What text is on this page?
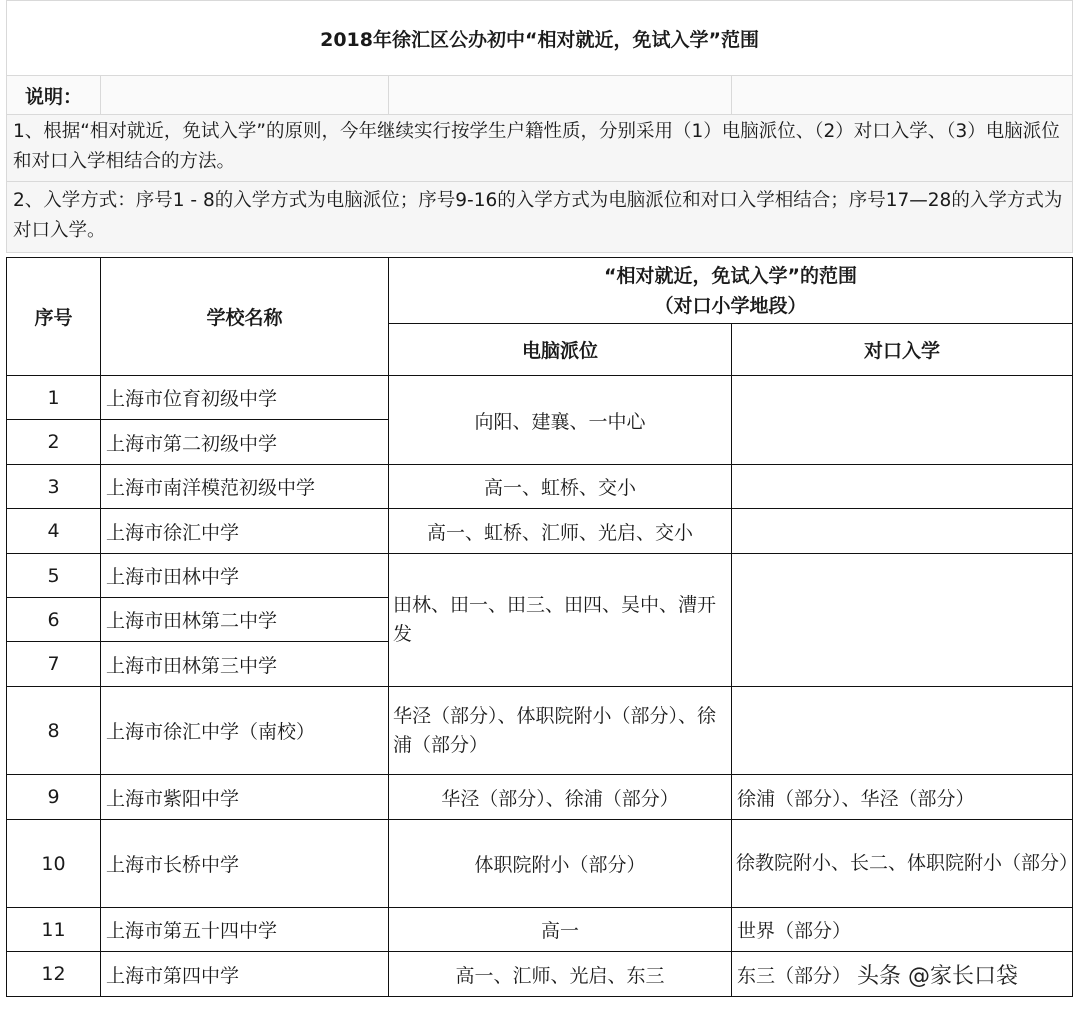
2018年徐汇区公办初中“相对就近，免试入学”范围
说明：			
1、根据“相对就近，免试入学”的原则，今年继续实行按学生户籍性质，分别采用（1）电脑派位、（2）对口入学、（3）电脑派位和对口入学相结合的方法。
2、入学方式：序号1 - 8的入学方式为电脑派位；序号9-16的入学方式为电脑派位和对口入学相结合；序号17—28的入学方式为对口入学。
序号	学校名称	“相对就近，免试入学”的范围
（对口小学地段）	

		电脑派位	对口入学
1	上海市位育初级中学	向阳、建襄、一中心	
2	上海市第二初级中学		
3	上海市南洋模范初级中学	高一、虹桥、交小	
4	上海市徐汇中学	高一、虹桥、汇师、光启、交小	
5	上海市田林中学	田林、田一、田三、田四、吴中、漕开发	
6	上海市田林第二中学		
7	上海市田林第三中学		
8	上海市徐汇中学（南校）	华泾（部分）、体职院附小（部分）、徐浦（部分）	
9	上海市紫阳中学	华泾（部分）、徐浦（部分）	徐浦（部分）、华泾（部分）
10	上海市长桥中学	体职院附小（部分）	徐教院附小、长二、体职院附小（部分）
11	上海市第五十四中学	高一	世界（部分）
12	上海市第四中学	高一、汇师、光启、东三	东三（部分） 头条 @家长口袋
